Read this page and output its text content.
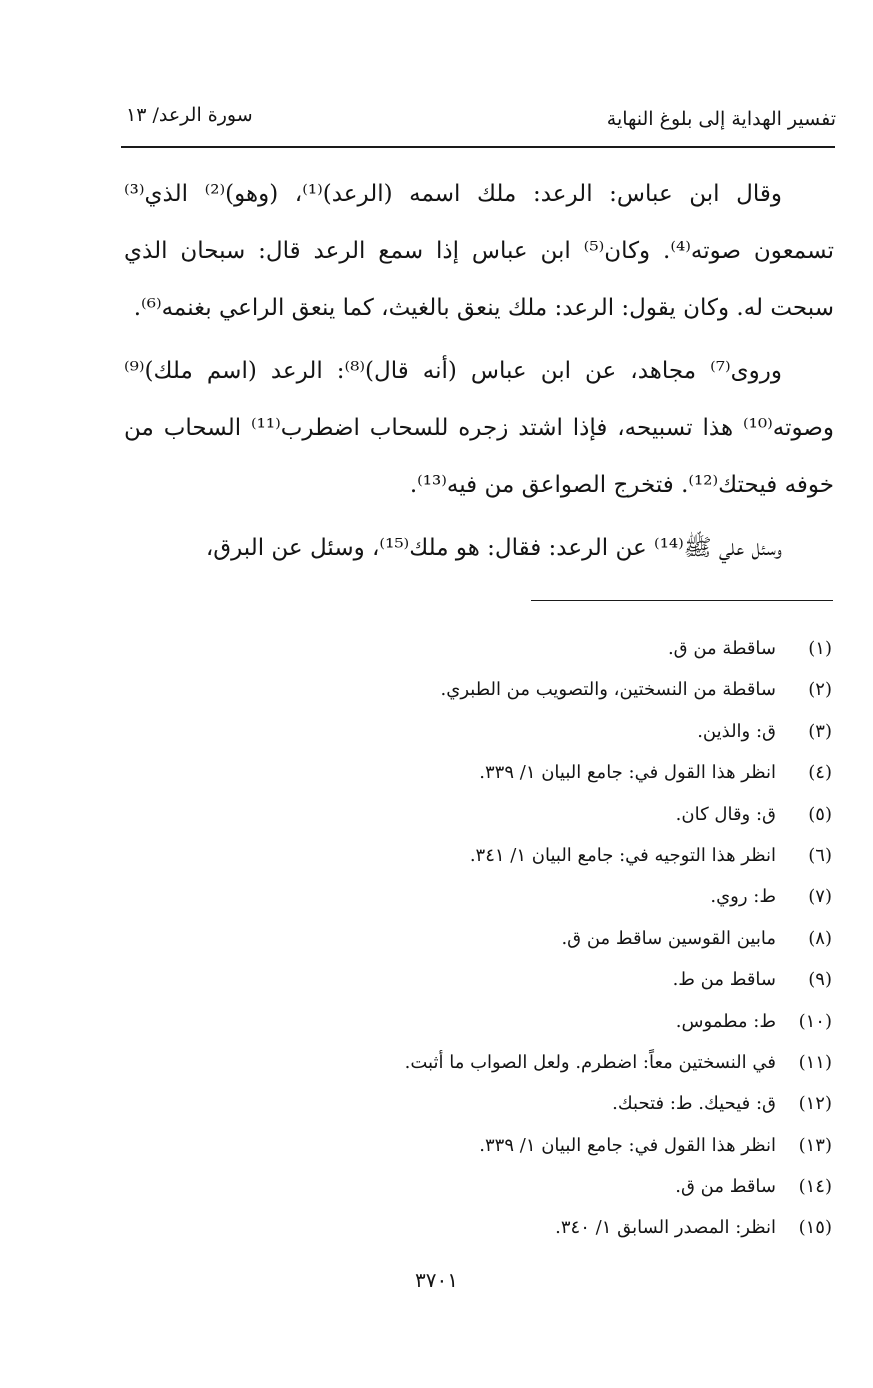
تفسير الهداية إلى بلوغ النهاية
سورة الرعد/ ١٣

وقال ابن عباس: الرعد: ملك اسمه (الرعد)⁽¹⁾، (وهو)⁽²⁾ الذي⁽³⁾ تسمعون صوته⁽⁴⁾. وكان⁽⁵⁾ ابن عباس إذا سمع الرعد قال: سبحان الذي سبحت له. وكان يقول: الرعد: ملك ينعق بالغيث، كما ينعق الراعي بغنمه⁽⁶⁾.

وروى⁽⁷⁾ مجاهد، عن ابن عباس (أنه قال)⁽⁸⁾: الرعد (اسم ملك)⁽⁹⁾ وصوته⁽¹⁰⁾ هذا تسبيحه، فإذا اشتد زجره للسحاب اضطرب⁽¹¹⁾ السحاب من خوفه فيحتك⁽¹²⁾. فتخرج الصواعق من فيه⁽¹³⁾.

وسئل علي ﷺ⁽¹⁴⁾ عن الرعد: فقال: هو ملك⁽¹⁵⁾، وسئل عن البرق،

(١)ساقطة من ق.
(٢)ساقطة من النسختين، والتصويب من الطبري.
(٣)ق: والذين.
(٤)انظر هذا القول في: جامع البيان ١/ ٣٣٩.
(٥)ق: وقال كان.
(٦)انظر هذا التوجيه في: جامع البيان ١/ ٣٤١.
(٧)ط: روي.
(٨)مابين القوسين ساقط من ق.
(٩)ساقط من ط.
(١٠)ط: مطموس.
(١١)في النسختين معاً: اضطرم. ولعل الصواب ما أثبت.
(١٢)ق: فيحيك. ط: فتحبك.
(١٣)انظر هذا القول في: جامع البيان ١/ ٣٣٩.
(١٤)ساقط من ق.
(١٥)انظر: المصدر السابق ١/ ٣٤٠.
٣٧٠١
